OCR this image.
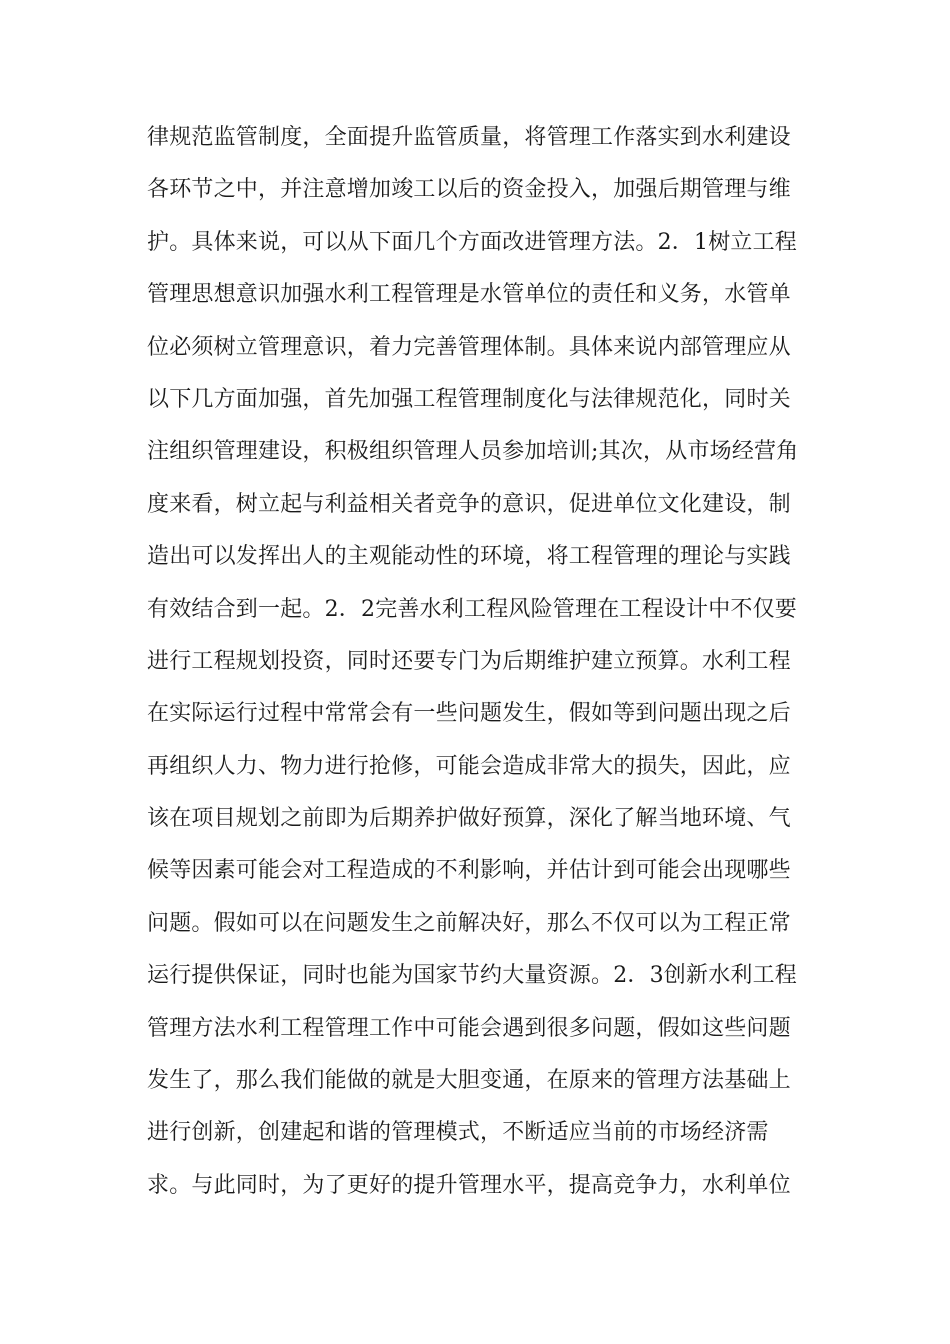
律规范监管制度，全面提升监管质量，将管理工作落实到水利建设
各环节之中，并注意增加竣工以后的资金投入，加强后期管理与维
护。具体来说，可以从下面几个方面改进管理方法。2．1树立工程
管理思想意识加强水利工程管理是水管单位的责任和义务，水管单
位必须树立管理意识，着力完善管理体制。具体来说内部管理应从
以下几方面加强，首先加强工程管理制度化与法律规范化，同时关
注组织管理建设，积极组织管理人员参加培训;其次，从市场经营角
度来看，树立起与利益相关者竞争的意识，促进单位文化建设，制
造出可以发挥出人的主观能动性的环境，将工程管理的理论与实践
有效结合到一起。2．2完善水利工程风险管理在工程设计中不仅要
进行工程规划投资，同时还要专门为后期维护建立预算。水利工程
在实际运行过程中常常会有一些问题发生，假如等到问题出现之后
再组织人力、物力进行抢修，可能会造成非常大的损失，因此，应
该在项目规划之前即为后期养护做好预算，深化了解当地环境、气
候等因素可能会对工程造成的不利影响，并估计到可能会出现哪些
问题。假如可以在问题发生之前解决好，那么不仅可以为工程正常
运行提供保证，同时也能为国家节约大量资源。2．3创新水利工程
管理方法水利工程管理工作中可能会遇到很多问题，假如这些问题
发生了，那么我们能做的就是大胆变通，在原来的管理方法基础上
进行创新，创建起和谐的管理模式，不断适应当前的市场经济需
求。与此同时，为了更好的提升管理水平，提高竞争力，水利单位
